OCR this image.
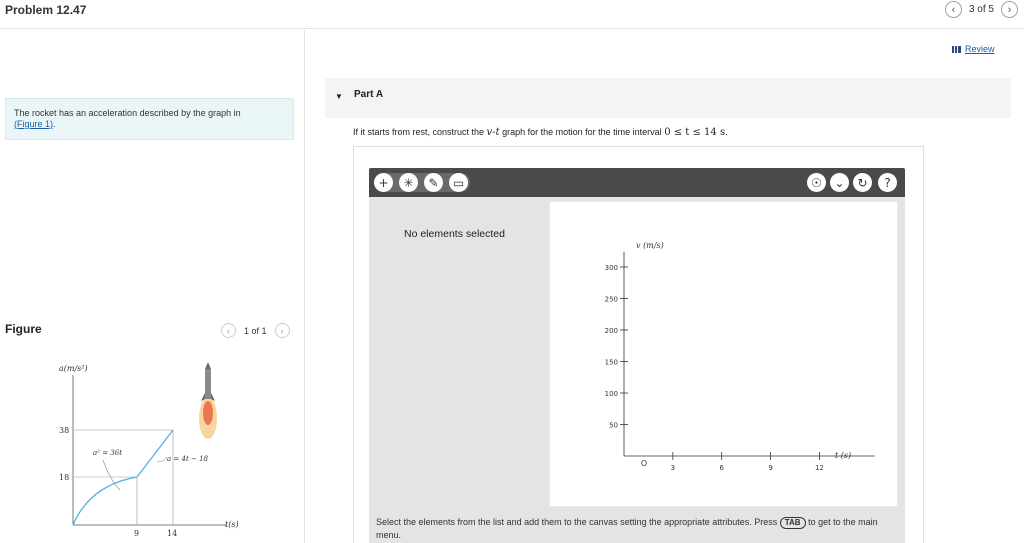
Problem 12.47	‹ 3 of 5 ›
The rocket has an acceleration described by the graph in
(Figure 1).
Figure	‹ 1 of 1 ›
a(m/s²)
t(s)
38
18
9	14
a² = 36t
a = 4t − 18
Review
▼ Part A
If it starts from rest, construct the v-t graph for the motion for the time interval 0 ≤ t ≤ 14 s.
+	✳	✎	▭	☉	⌄	↻	?
No elements selected
50
100
150
200
250
300
3	6	9	12
O
v (m/s)
t (s)
Select the elements from the list and add them to the canvas setting the appropriate attributes. Press TAB to get to the main menu.
